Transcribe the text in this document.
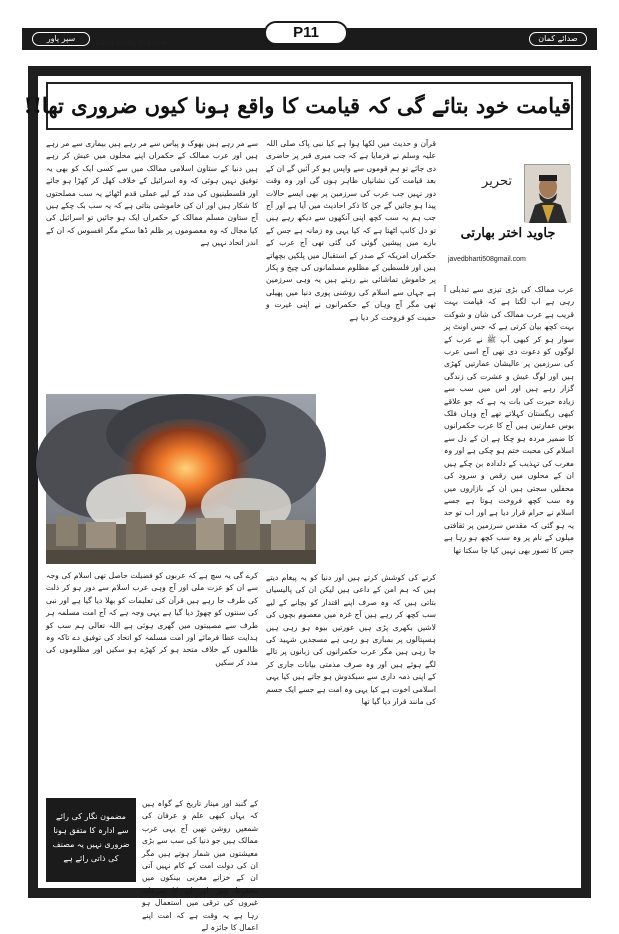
سپر پاور	صدائے کمان
Dated 30 May To 6 June
P11
قیامت خود بتائے گی کہ قیامت کا واقع ہونا کیوں ضروری تھا!!
تحریر
جاوید اختر بھارتی
javedbharti508gmail.com

قرآن و حدیث میں لکھا ہوا ہے کیا نبی پاک صلی اللہ علیہ وسلم نے فرمایا ہے کہ جب میری قبر پر حاضری دی جائے تو ہم قوموں سے واپس ہو کر آئیں گے ان کے بعد قیامت کی نشانیاں ظاہر ہوں گی اور وہ وقت دور نہیں جب عرب کی سرزمین پر بھی ایسے حالات پیدا ہو جائیں گے جن کا ذکر احادیث میں آیا ہے اور آج جب ہم یہ سب کچھ اپنی آنکھوں سے دیکھ رہے ہیں تو دل کانپ اٹھتا ہے کہ کیا یہی وہ زمانہ ہے جس کے بارے میں پیشین گوئی کی گئی تھی آج عرب کے حکمراں امریکہ کے صدر کے استقبال میں پلکیں بچھاتے ہیں اور فلسطین کے مظلوم مسلمانوں کی چیخ و پکار پر خاموش تماشائی بنے رہتے ہیں یہ وہی سرزمین ہے جہاں سے اسلام کی روشنی پوری دنیا میں پھیلی تھی مگر آج وہاں کے حکمرانوں نے اپنی غیرت و حمیت کو فروخت کر دیا ہے

سے مر رہے ہیں بھوک و پیاس سے مر رہے ہیں بیماری سے مر رہے ہیں اور عرب ممالک کے حکمراں اپنے محلوں میں عیش کر رہے ہیں دنیا کے ستاون اسلامی ممالک میں سے کسی ایک کو بھی یہ توفیق نہیں ہوئی کہ وہ اسرائیل کے خلاف کھل کر کھڑا ہو جائے اور فلسطینیوں کی مدد کے لیے عملی قدم اٹھائے یہ سب مصلحتوں کا شکار ہیں اور ان کی خاموشی بتاتی ہے کہ یہ سب بک چکے ہیں آج ستاون مسلم ممالک کے حکمراں ایک ہو جائیں تو اسرائیل کی کیا مجال کہ وہ معصوموں پر ظلم ڈھا سکے مگر افسوس کہ ان کے اندر اتحاد نہیں ہے

عرب ممالک کی بڑی تیزی سے تبدیلی آ رہی ہے اب لگتا ہے کہ قیامت بہت قریب ہے عرب ممالک کی شان و شوکت بہت کچھ بیان کرتی ہے کہ جس اونٹ پر سوار ہو کر کبھی آپ ﷺ نے عرب کے لوگوں کو دعوت دی تھی آج اسی عرب کی سرزمین پر عالیشان عمارتیں کھڑی ہیں اور لوگ عیش و عشرت کی زندگی گزار رہے ہیں اور اس میں سب سے زیادہ حیرت کی بات یہ ہے کہ جو علاقے کبھی ریگستان کہلاتے تھے آج وہاں فلک بوس عمارتیں ہیں آج کا عرب حکمرانوں کا ضمیر مردہ ہو چکا ہے ان کے دل سے اسلام کی محبت ختم ہو چکی ہے اور وہ مغرب کی تہذیب کے دلدادہ بن چکے ہیں ان کے محلوں میں رقص و سرود کی محفلیں سجتی ہیں ان کے بازاروں میں وہ سب کچھ فروخت ہوتا ہے جسے اسلام نے حرام قرار دیا ہے اور اب تو حد یہ ہو گئی کہ مقدس سرزمین پر ثقافتی میلوں کے نام پر وہ سب کچھ ہو رہا ہے جس کا تصور بھی نہیں کیا جا سکتا تھا

کرنے کی کوشش کرتے ہیں اور دنیا کو یہ پیغام دیتے ہیں کہ ہم امن کے داعی ہیں لیکن ان کی پالیسیاں بتاتی ہیں کہ وہ صرف اپنے اقتدار کو بچانے کے لیے سب کچھ کر رہے ہیں آج غزہ میں معصوم بچوں کی لاشیں بکھری پڑی ہیں عورتیں بیوہ ہو رہی ہیں ہسپتالوں پر بمباری ہو رہی ہے مسجدیں شہید کی جا رہی ہیں مگر عرب حکمرانوں کی زبانوں پر تالے لگے ہوئے ہیں اور وہ صرف مذمتی بیانات جاری کر کے اپنی ذمہ داری سے سبکدوش ہو جاتے ہیں کیا یہی اسلامی اخوت ہے کیا یہی وہ امت ہے جسے ایک جسم کی مانند قرار دیا گیا تھا

کرے گی یہ سچ ہے کہ عربوں کو فضیلت حاصل تھی اسلام کی وجہ سے ان کو عزت ملی اور آج وہی عرب اسلام سے دور ہو کر ذلت کی طرف جا رہے ہیں قرآن کی تعلیمات کو بھلا دیا گیا ہے اور نبی کی سنتوں کو چھوڑ دیا گیا ہے یہی وجہ ہے کہ آج امت مسلمہ ہر طرف سے مصیبتوں میں گھری ہوئی ہے اللہ تعالی ہم سب کو ہدایت عطا فرمائے اور امت مسلمہ کو اتحاد کی توفیق دے تاکہ وہ ظالموں کے خلاف متحد ہو کر کھڑے ہو سکیں اور مظلوموں کی مدد کر سکیں

کے گنبد اور مینار تاریخ کے گواہ ہیں کہ یہاں کبھی علم و عرفان کی شمعیں روشن تھیں آج یہی عرب ممالک ہیں جو دنیا کی سب سے بڑی معیشتوں میں شمار ہوتے ہیں مگر ان کی دولت امت کے کام نہیں آتی ان کے خزانے مغربی بینکوں میں محفوظ ہیں اور ان کا سرمایہ غیروں کی ترقی میں استعمال ہو رہا ہے یہ وقت ہے کہ امت اپنے اعمال کا جائزہ لے

مضمون نگار کی رائے سے ادارہ کا متفق ہونا ضروری نہیں یہ مصنف کی ذاتی رائے ہے
